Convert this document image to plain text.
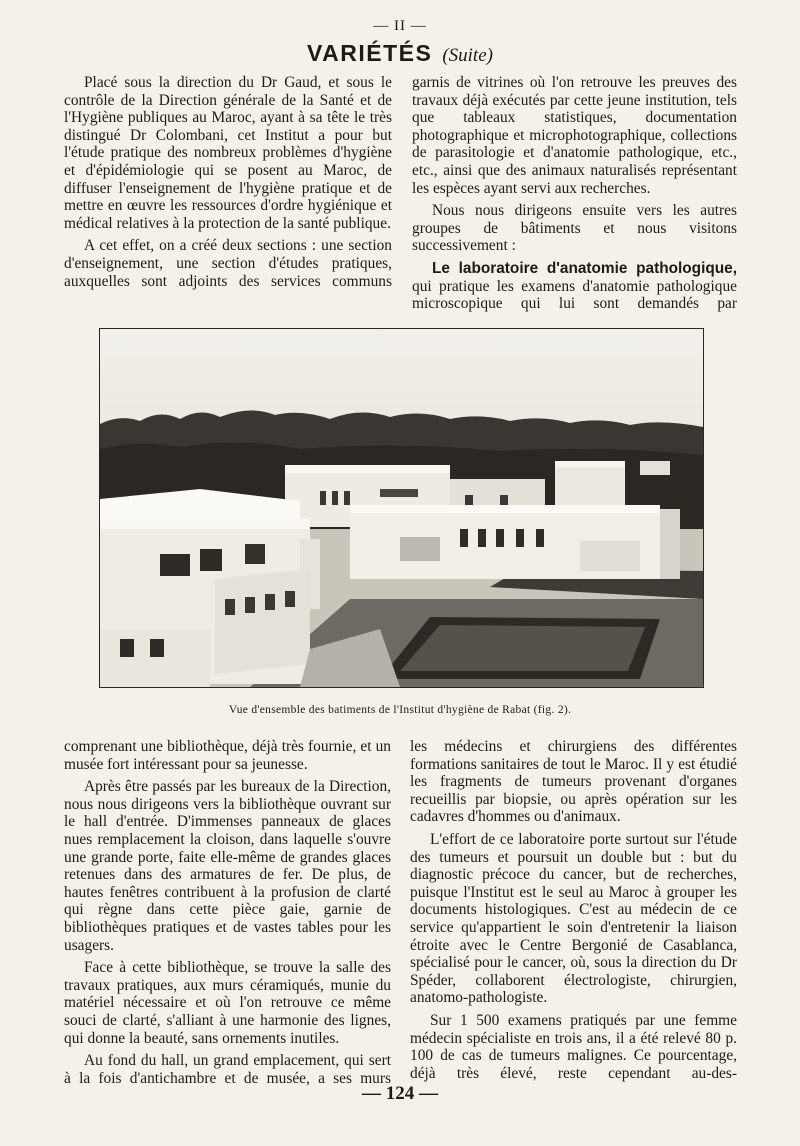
— II —
VARIÉTÉS (Suite)

Placé sous la direction du Dr Gaud, et sous le contrôle de la Direction générale de la Santé et de l'Hygiène publiques au Maroc, ayant à sa tête le très distingué Dr Colombani, cet Institut a pour but l'étude pratique des nombreux problèmes d'hygiène et d'épidémiologie qui se posent au Maroc, de diffuser l'enseignement de l'hygiène pratique et de mettre en œuvre les ressources d'ordre hygiénique et médical relatives à la protection de la santé publique.

A cet effet, on a créé deux sections : une section d'enseignement, une section d'études pratiques, auxquelles sont adjoints des services communs

garnis de vitrines où l'on retrouve les preuves des travaux déjà exécutés par cette jeune institution, tels que tableaux statistiques, documentation photographique et microphotographique, collections de parasitologie et d'anatomie pathologique, etc., etc., ainsi que des animaux naturalisés représentant les espèces ayant servi aux recherches.

Nous nous dirigeons ensuite vers les autres groupes de bâtiments et nous visitons successivement :

Le laboratoire d'anatomie pathologique, qui pratique les examens d'anatomie pathologique microscopique qui lui sont demandés par

Vue d'ensemble des batiments de l'Institut d'hygiène de Rabat (fig. 2).

comprenant une bibliothèque, déjà très fournie, et un musée fort intéressant pour sa jeunesse.

Après être passés par les bureaux de la Direction, nous nous dirigeons vers la bibliothèque ouvrant sur le hall d'entrée. D'immenses panneaux de glaces nues remplacement la cloison, dans laquelle s'ouvre une grande porte, faite elle-même de grandes glaces retenues dans des armatures de fer. De plus, de hautes fenêtres contribuent à la profusion de clarté qui règne dans cette pièce gaie, garnie de bibliothèques pratiques et de vastes tables pour les usagers.

Face à cette bibliothèque, se trouve la salle des travaux pratiques, aux murs céramiqués, munie du matériel nécessaire et où l'on retrouve ce même souci de clarté, s'alliant à une harmonie des lignes, qui donne la beauté, sans ornements inutiles.

Au fond du hall, un grand emplacement, qui sert à la fois d'antichambre et de musée, a ses murs

les médecins et chirurgiens des différentes formations sanitaires de tout le Maroc. Il y est étudié les fragments de tumeurs provenant d'organes recueillis par biopsie, ou après opération sur les cadavres d'hommes ou d'animaux.

L'effort de ce laboratoire porte surtout sur l'étude des tumeurs et poursuit un double but : but du diagnostic précoce du cancer, but de recherches, puisque l'Institut est le seul au Maroc à grouper les documents histologiques. C'est au médecin de ce service qu'appartient le soin d'entretenir la liaison étroite avec le Centre Bergonié de Casablanca, spécialisé pour le cancer, où, sous la direction du Dr Spéder, collaborent électrologiste, chirurgien, anatomo-pathologiste.

Sur 1 500 examens pratiqués par une femme médecin spécialiste en trois ans, il a été relevé 80 p. 100 de cas de tumeurs malignes. Ce pourcentage, déjà très élevé, reste cependant au-des-

— 124 —
